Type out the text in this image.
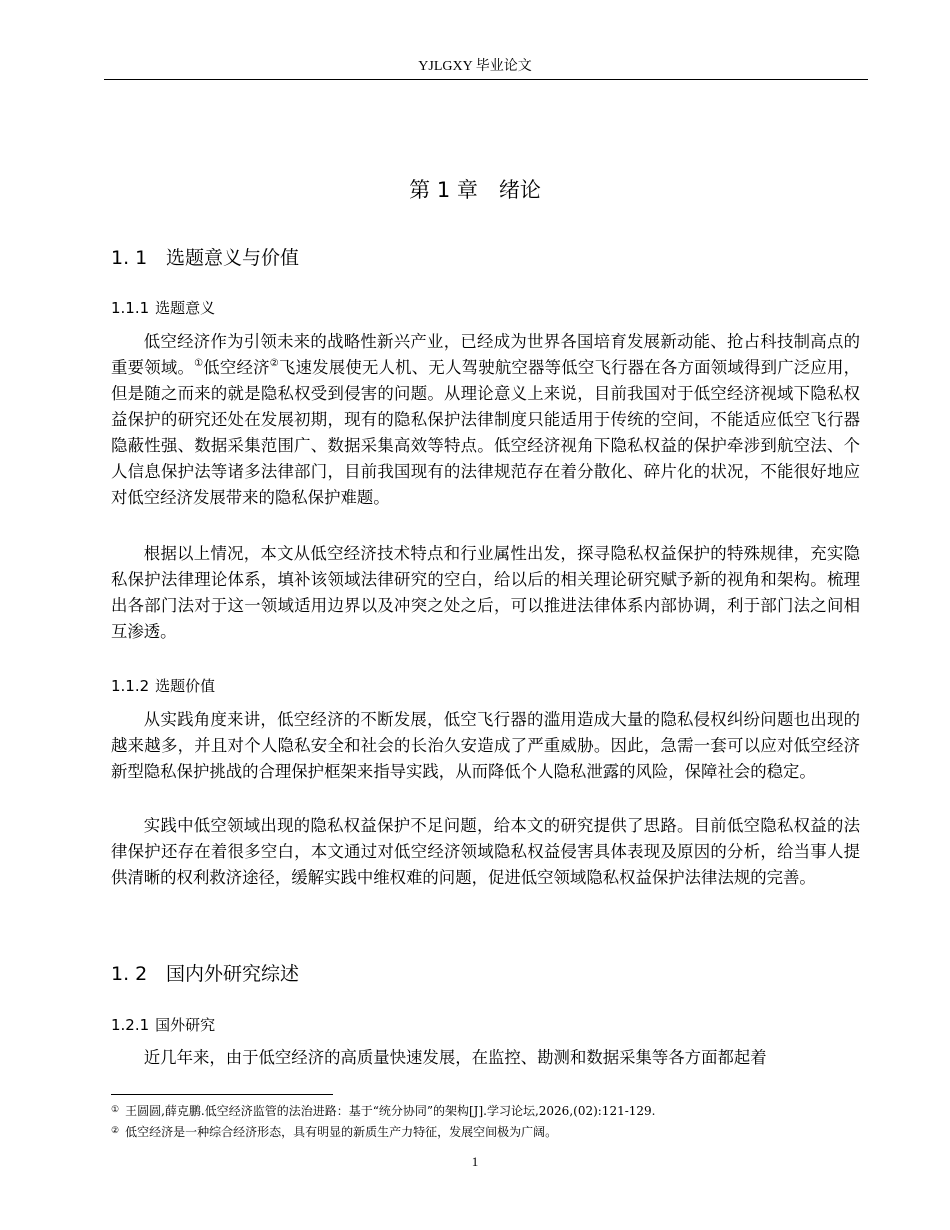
YJLGXY 毕业论文
第 1 章　绪论
1. 1 选题意义与价值
1.1.1 选题意义

低空经济作为引领未来的战略性新兴产业，已经成为世界各国培育发展新动能、抢占科技制高点的重要领域。①低空经济②飞速发展使无人机、无人驾驶航空器等低空飞行器在各方面领域得到广泛应用，但是随之而来的就是隐私权受到侵害的问题。从理论意义上来说，目前我国对于低空经济视域下隐私权益保护的研究还处在发展初期，现有的隐私保护法律制度只能适用于传统的空间，不能适应低空飞行器隐蔽性强、数据采集范围广、数据采集高效等特点。低空经济视角下隐私权益的保护牵涉到航空法、个人信息保护法等诸多法律部门，目前我国现有的法律规范存在着分散化、碎片化的状况，不能很好地应对低空经济发展带来的隐私保护难题。

根据以上情况，本文从低空经济技术特点和行业属性出发，探寻隐私权益保护的特殊规律，充实隐私保护法律理论体系，填补该领域法律研究的空白，给以后的相关理论研究赋予新的视角和架构。梳理出各部门法对于这一领域适用边界以及冲突之处之后，可以推进法律体系内部协调，利于部门法之间相互渗透。

1.1.2 选题价值

从实践角度来讲，低空经济的不断发展，低空飞行器的滥用造成大量的隐私侵权纠纷问题也出现的越来越多，并且对个人隐私安全和社会的长治久安造成了严重威胁。因此，急需一套可以应对低空经济新型隐私保护挑战的合理保护框架来指导实践，从而降低个人隐私泄露的风险，保障社会的稳定。

实践中低空领域出现的隐私权益保护不足问题，给本文的研究提供了思路。目前低空隐私权益的法律保护还存在着很多空白，本文通过对低空经济领域隐私权益侵害具体表现及原因的分析，给当事人提供清晰的权利救济途径，缓解实践中维权难的问题，促进低空领域隐私权益保护法律法规的完善。

1. 2 国内外研究综述
1.2.1 国外研究

近几年来，由于低空经济的高质量快速发展，在监控、勘测和数据采集等各方面都起着

① 王圆圆,薛克鹏.低空经济监管的法治进路：基于“统分协同”的架构[J].学习论坛,2026,(02):121-129.
② 低空经济是一种综合经济形态，具有明显的新质生产力特征，发展空间极为广阔。
1
